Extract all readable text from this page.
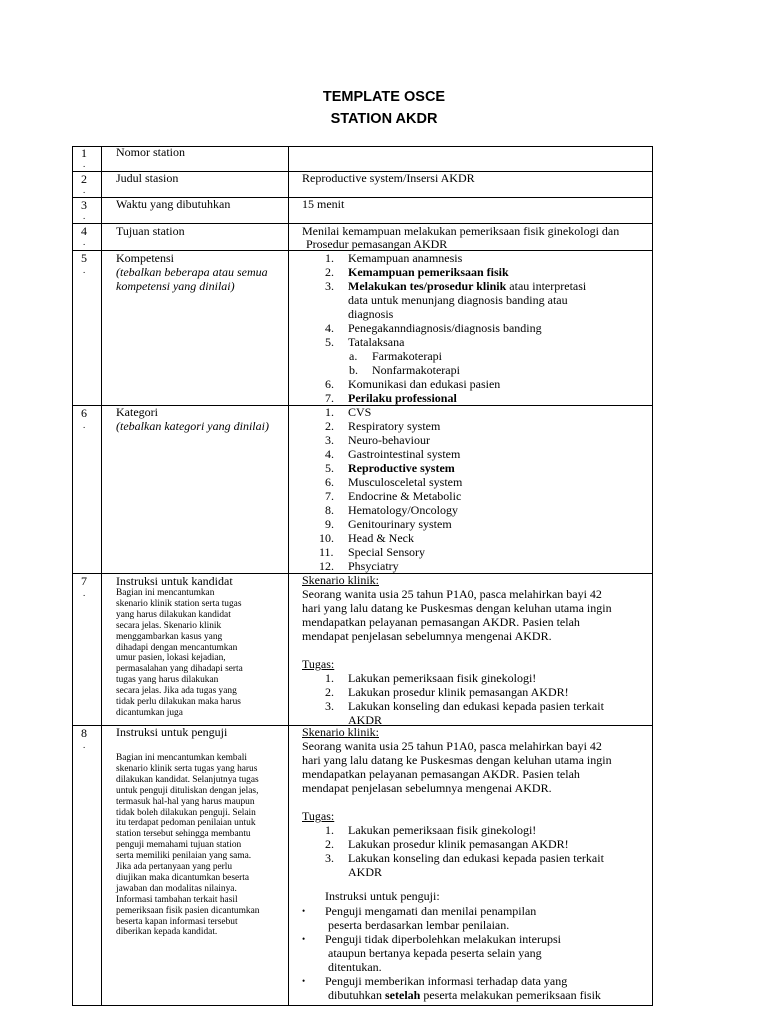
TEMPLATE OSCE
STATION AKDR
1
.
2
.
3
.
4
.
5
.
6
.
7
.
8
.
Nomor station
Judul stasion
Waktu yang dibutuhkan
Tujuan station
Kompetensi
(tebalkan beberapa atau semua
kompetensi yang dinilai)
Kategori
(tebalkan kategori yang dinilai)
Instruksi untuk kandidat
Instruksi untuk penguji
Bagian ini mencantumkan
skenario klinik station serta tugas
yang harus dilakukan kandidat
secara jelas. Skenario klinik
menggambarkan kasus yang
dihadapi dengan mencantumkan
umur pasien, lokasi kejadian,
permasalahan yang dihadapi serta
tugas yang harus dilakukan
secara jelas. Jika ada tugas yang
tidak perlu dilakukan maka harus
dicantumkan juga
Bagian ini mencantumkan kembali
skenario klinik serta tugas yang harus
dilakukan kandidat. Selanjutnya tugas
untuk penguji dituliskan dengan jelas,
termasuk hal-hal yang harus maupun
tidak boleh dilakukan penguji. Selain
itu terdapat pedoman penilaian untuk
station tersebut sehingga membantu
penguji memahami tujuan station
serta memiliki penilaian yang sama.
Jika ada pertanyaan yang perlu
diujikan maka dicantumkan beserta
jawaban dan modalitas nilainya.
Informasi tambahan terkait hasil
pemeriksaan fisik pasien dicantumkan
beserta kapan informasi tersebut
diberikan kepada kandidat.
Reproductive system/Insersi AKDR
15 menit
Menilai kemampuan melakukan pemeriksaan fisik ginekologi dan
Prosedur pemasangan AKDR
1. Kemampuan anamnesis
2. Kemampuan pemeriksaan fisik
3. Melakukan tes/prosedur klinik atau interpretasi
data untuk menunjang diagnosis banding atau
diagnosis
4. Penegakanndiagnosis/diagnosis banding
5. Tatalaksana
a. Farmakoterapi
b. Nonfarmakoterapi
6. Komunikasi dan edukasi pasien
7. Perilaku professional
1. CVS
2. Respiratory system
3. Neuro-behaviour
4. Gastrointestinal system
5. Reproductive system
6. Musculosceletal system
7. Endocrine & Metabolic
8. Hematology/Oncology
9. Genitourinary system
10. Head & Neck
11. Special Sensory
12. Phsyciatry
Skenario klinik:
Seorang wanita usia 25 tahun P1A0, pasca melahirkan bayi 42
hari yang lalu datang ke Puskesmas dengan keluhan utama ingin
mendapatkan pelayanan pemasangan AKDR. Pasien telah
mendapat penjelasan sebelumnya mengenai AKDR.
Tugas:
1. Lakukan pemeriksaan fisik ginekologi!
2. Lakukan prosedur klinik pemasangan AKDR!
3. Lakukan konseling dan edukasi kepada pasien terkait
AKDR
Skenario klinik:
Seorang wanita usia 25 tahun P1A0, pasca melahirkan bayi 42
hari yang lalu datang ke Puskesmas dengan keluhan utama ingin
mendapatkan pelayanan pemasangan AKDR. Pasien telah
mendapat penjelasan sebelumnya mengenai AKDR.
Tugas:
1. Lakukan pemeriksaan fisik ginekologi!
2. Lakukan prosedur klinik pemasangan AKDR!
3. Lakukan konseling dan edukasi kepada pasien terkait
AKDR
Instruksi untuk penguji:
• Penguji mengamati dan menilai penampilan
peserta berdasarkan lembar penilaian.
• Penguji tidak diperbolehkan melakukan interupsi
ataupun bertanya kepada peserta selain yang
ditentukan.
• Penguji memberikan informasi terhadap data yang
dibutuhkan setelah peserta melakukan pemeriksaan fisik
